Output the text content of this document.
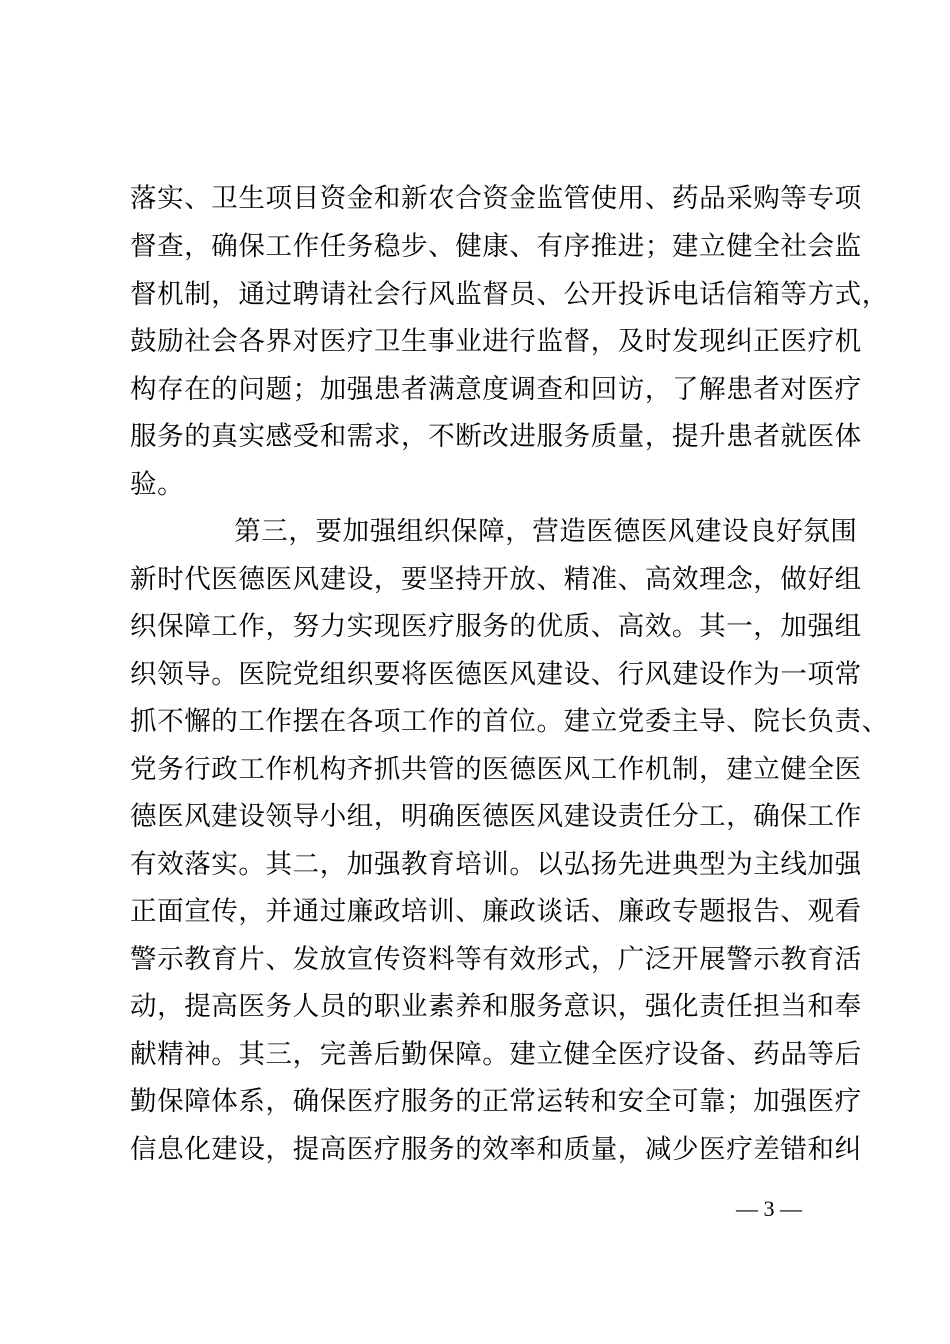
落实、卫生项目资金和新农合资金监管使用、药品采购等专项
督查，确保工作任务稳步、健康、有序推进；建立健全社会监
督机制，通过聘请社会行风监督员、公开投诉电话信箱等方式，
鼓励社会各界对医疗卫生事业进行监督，及时发现纠正医疗机
构存在的问题；加强患者满意度调查和回访，了解患者对医疗
服务的真实感受和需求，不断改进服务质量，提升患者就医体
验。
　　第三，要加强组织保障，营造医德医风建设良好氛围
新时代医德医风建设，要坚持开放、精准、高效理念，做好组
织保障工作，努力实现医疗服务的优质、高效。其一，加强组
织领导。医院党组织要将医德医风建设、行风建设作为一项常
抓不懈的工作摆在各项工作的首位。建立党委主导、院长负责、
党务行政工作机构齐抓共管的医德医风工作机制，建立健全医
德医风建设领导小组，明确医德医风建设责任分工，确保工作
有效落实。其二，加强教育培训。以弘扬先进典型为主线加强
正面宣传，并通过廉政培训、廉政谈话、廉政专题报告、观看
警示教育片、发放宣传资料等有效形式，广泛开展警示教育活
动，提高医务人员的职业素养和服务意识，强化责任担当和奉
献精神。其三，完善后勤保障。建立健全医疗设备、药品等后
勤保障体系，确保医疗服务的正常运转和安全可靠；加强医疗
信息化建设，提高医疗服务的效率和质量，减少医疗差错和纠
— 3 —
